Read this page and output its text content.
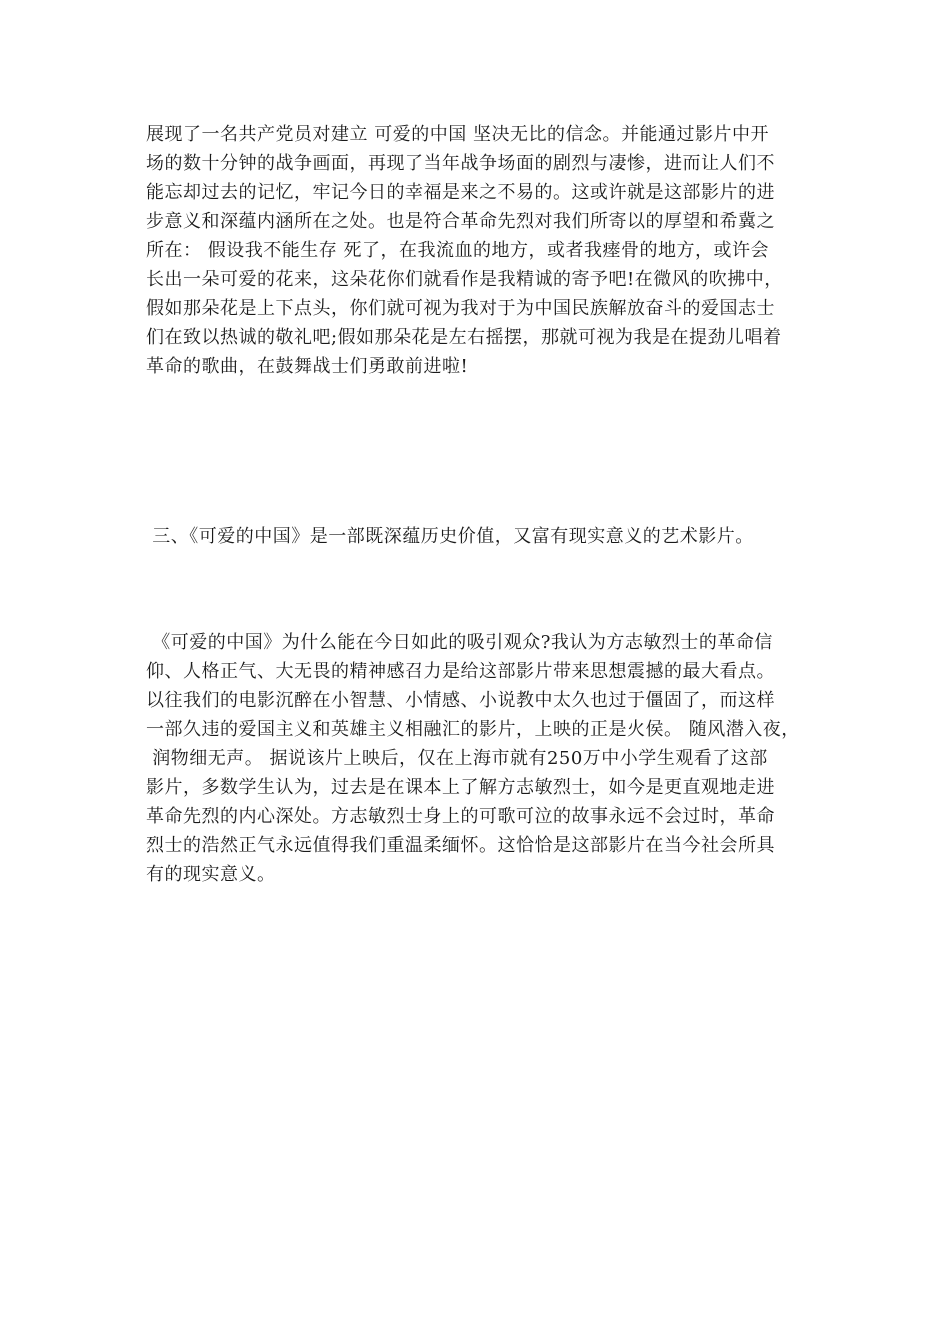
展现了一名共产党员对建立 可爱的中国 坚决无比的信念。并能通过影片中开
场的数十分钟的战争画面，再现了当年战争场面的剧烈与凄惨，进而让人们不
能忘却过去的记忆，牢记今日的幸福是来之不易的。这或许就是这部影片的进
步意义和深蕴内涵所在之处。也是符合革命先烈对我们所寄以的厚望和希冀之
所在： 假设我不能生存 死了，在我流血的地方，或者我瘗骨的地方，或许会
长出一朵可爱的花来，这朵花你们就看作是我精诚的寄予吧!在微风的吹拂中，
假如那朵花是上下点头，你们就可视为我对于为中国民族解放奋斗的爱国志士
们在致以热诚的敬礼吧;假如那朵花是左右摇摆，那就可视为我是在提劲儿唱着
革命的歌曲，在鼓舞战士们勇敢前进啦!
三、《可爱的中国》是一部既深蕴历史价值，又富有现实意义的艺术影片。
《可爱的中国》为什么能在今日如此的吸引观众?我认为方志敏烈士的革命信
仰、人格正气、大无畏的精神感召力是给这部影片带来思想震撼的最大看点。
以往我们的电影沉醉在小智慧、小情感、小说教中太久也过于僵固了，而这样
一部久违的爱国主义和英雄主义相融汇的影片，上映的正是火侯。 随风潜入夜，
润物细无声。 据说该片上映后，仅在上海市就有250万中小学生观看了这部
影片，多数学生认为，过去是在课本上了解方志敏烈士，如今是更直观地走进
革命先烈的内心深处。方志敏烈士身上的可歌可泣的故事永远不会过时，革命
烈士的浩然正气永远值得我们重温柔缅怀。这恰恰是这部影片在当今社会所具
有的现实意义。
